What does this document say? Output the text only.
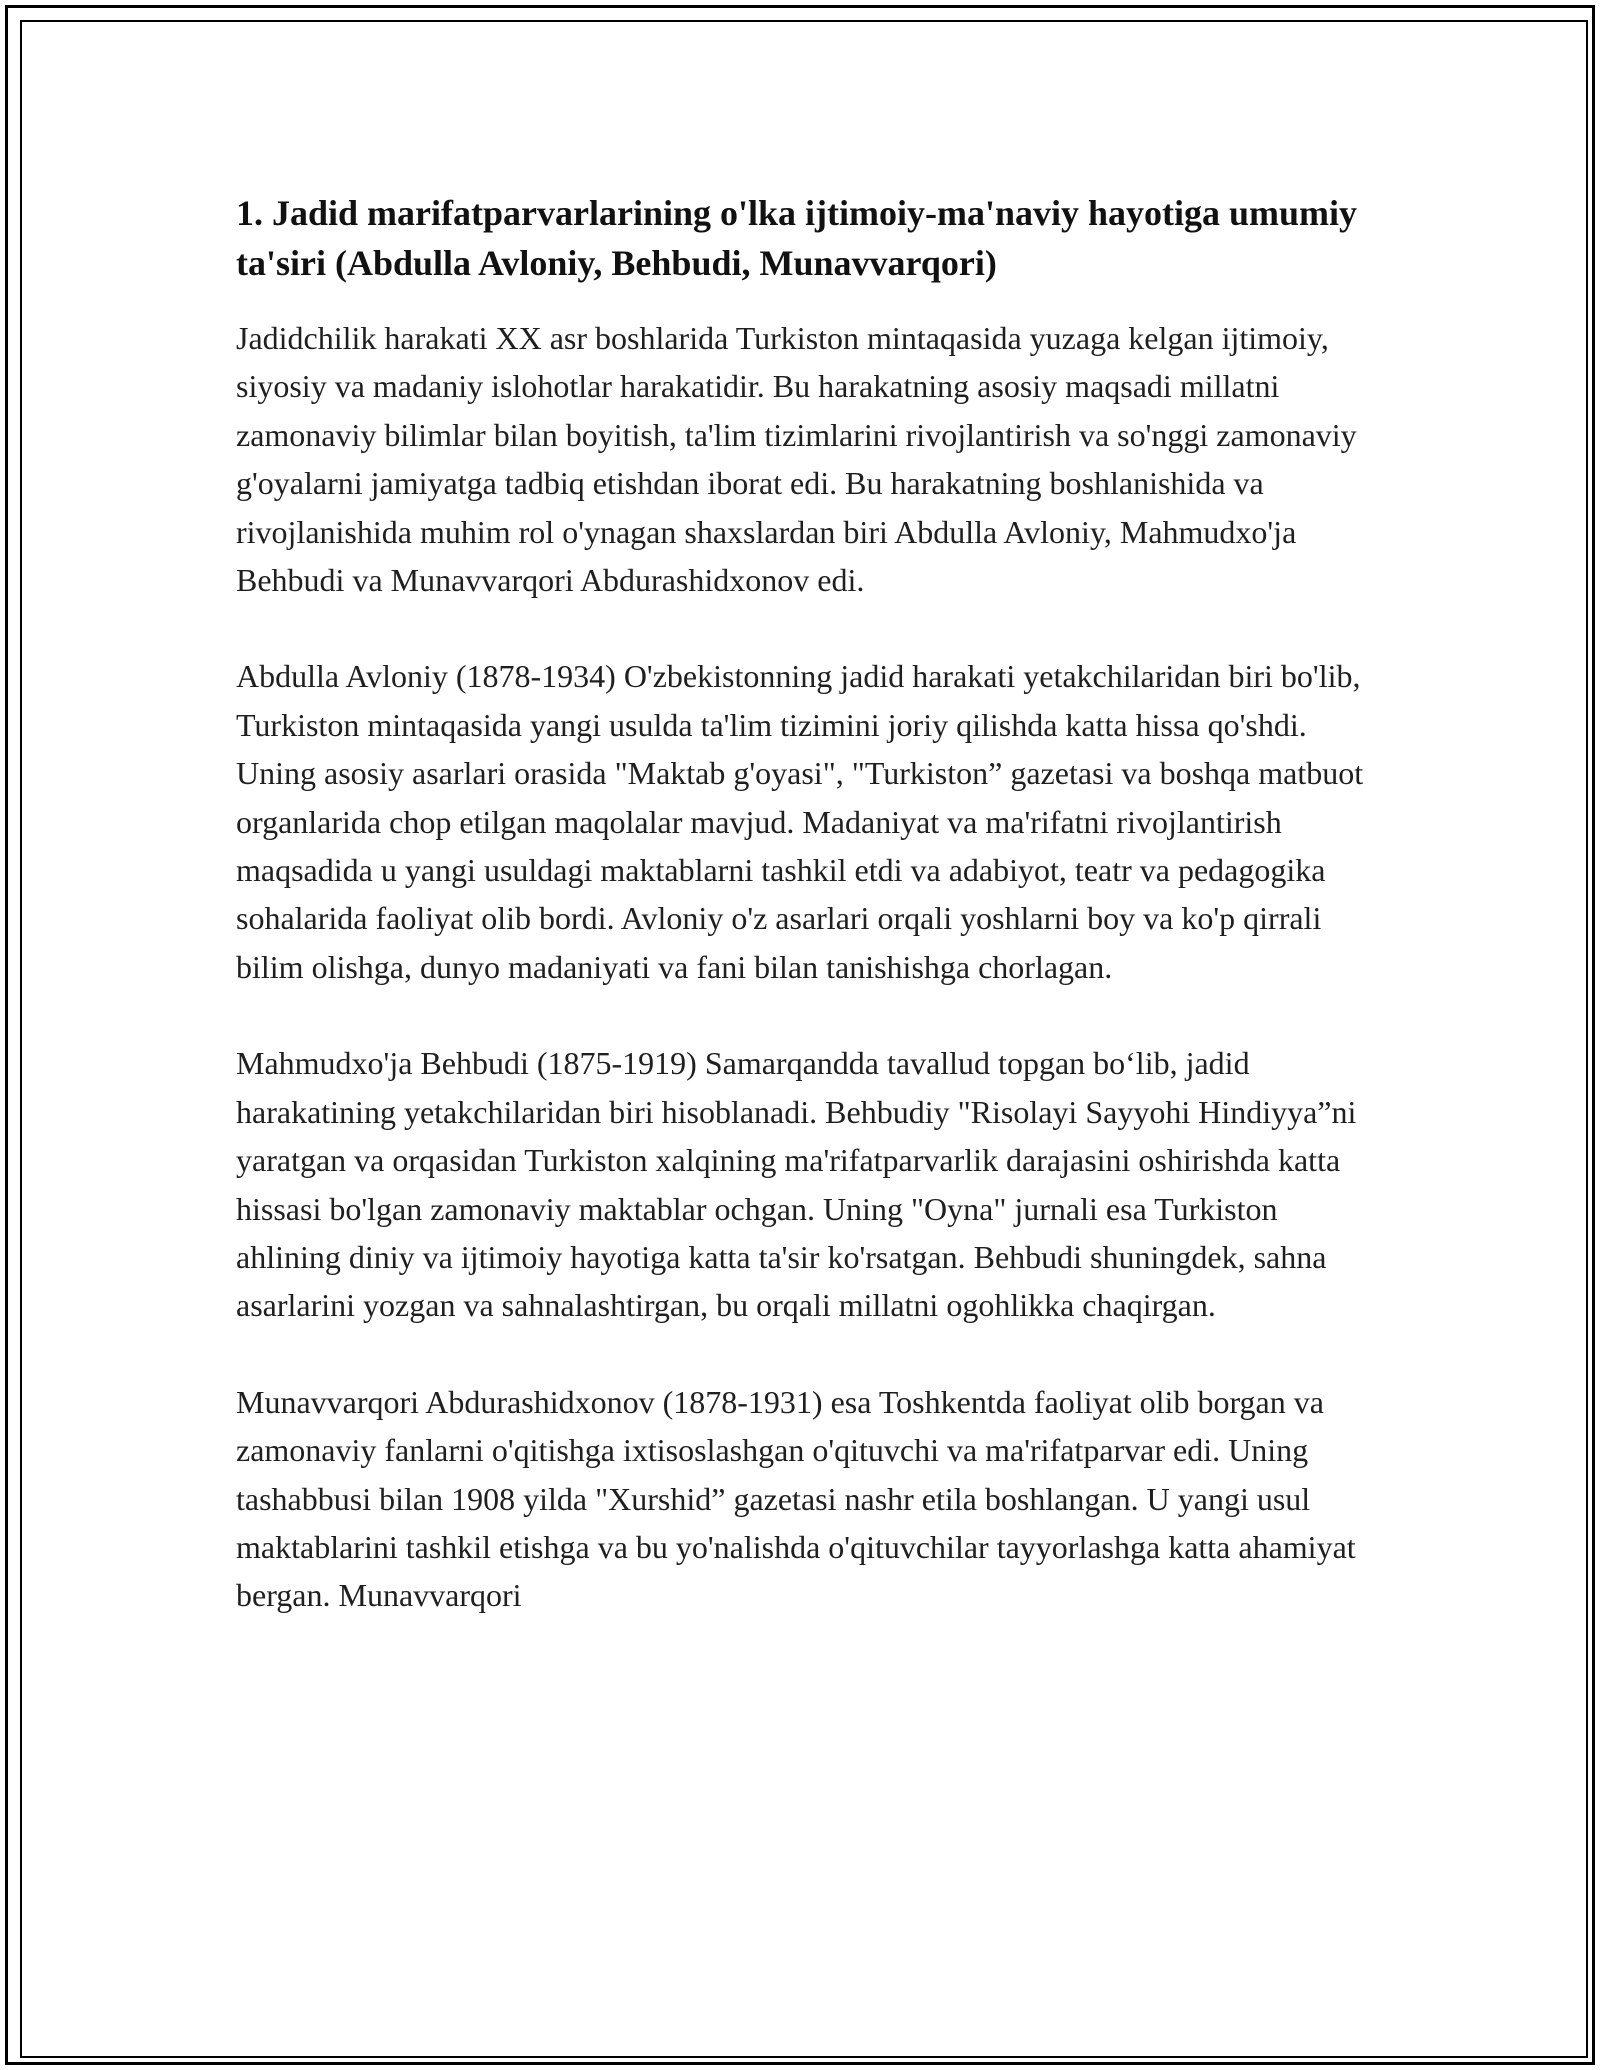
1. Jadid marifatparvarlarining o'lka ijtimoiy-ma'naviy hayotiga umumiy ta'siri (Abdulla Avloniy, Behbudi, Munavvarqori)

Jadidchilik harakati XX asr boshlarida Turkiston mintaqasida yuzaga kelgan ijtimoiy, siyosiy va madaniy islohotlar harakatidir. Bu harakatning asosiy maqsadi millatni zamonaviy bilimlar bilan boyitish, ta'lim tizimlarini rivojlantirish va so'nggi zamonaviy g'oyalarni jamiyatga tadbiq etishdan iborat edi. Bu harakatning boshlanishida va rivojlanishida muhim rol o'ynagan shaxslardan biri Abdulla Avloniy, Mahmudxo'ja Behbudi va Munavvarqori Abdurashidxonov edi.

Abdulla Avloniy (1878-1934) O'zbekistonning jadid harakati yetakchilaridan biri bo'lib, Turkiston mintaqasida yangi usulda ta'lim tizimini joriy qilishda katta hissa qo'shdi. Uning asosiy asarlari orasida "Maktab g'oyasi", "Turkiston” gazetasi va boshqa matbuot organlarida chop etilgan maqolalar mavjud. Madaniyat va ma'rifatni rivojlantirish maqsadida u yangi usuldagi maktablarni tashkil etdi va adabiyot, teatr va pedagogika sohalarida faoliyat olib bordi. Avloniy o'z asarlari orqali yoshlarni boy va ko'p qirrali bilim olishga, dunyo madaniyati va fani bilan tanishishga chorlagan.

Mahmudxo'ja Behbudi (1875-1919) Samarqandda tavallud topgan bo‘lib, jadid harakatining yetakchilaridan biri hisoblanadi. Behbudiy "Risolayi Sayyohi Hindiyya”ni yaratgan va orqasidan Turkiston xalqining ma'rifatparvarlik darajasini oshirishda katta hissasi bo'lgan zamonaviy maktablar ochgan. Uning "Oyna" jurnali esa Turkiston ahlining diniy va ijtimoiy hayotiga katta ta'sir ko'rsatgan. Behbudi shuningdek, sahna asarlarini yozgan va sahnalashtirgan, bu orqali millatni ogohlikka chaqirgan.

Munavvarqori Abdurashidxonov (1878-1931) esa Toshkentda faoliyat olib borgan va zamonaviy fanlarni o'qitishga ixtisoslashgan o'qituvchi va ma'rifatparvar edi. Uning tashabbusi bilan 1908 yilda "Xurshid” gazetasi nashr etila boshlangan. U yangi usul maktablarini tashkil etishga va bu yo'nalishda o'qituvchilar tayyorlashga katta ahamiyat bergan. Munavvarqori
